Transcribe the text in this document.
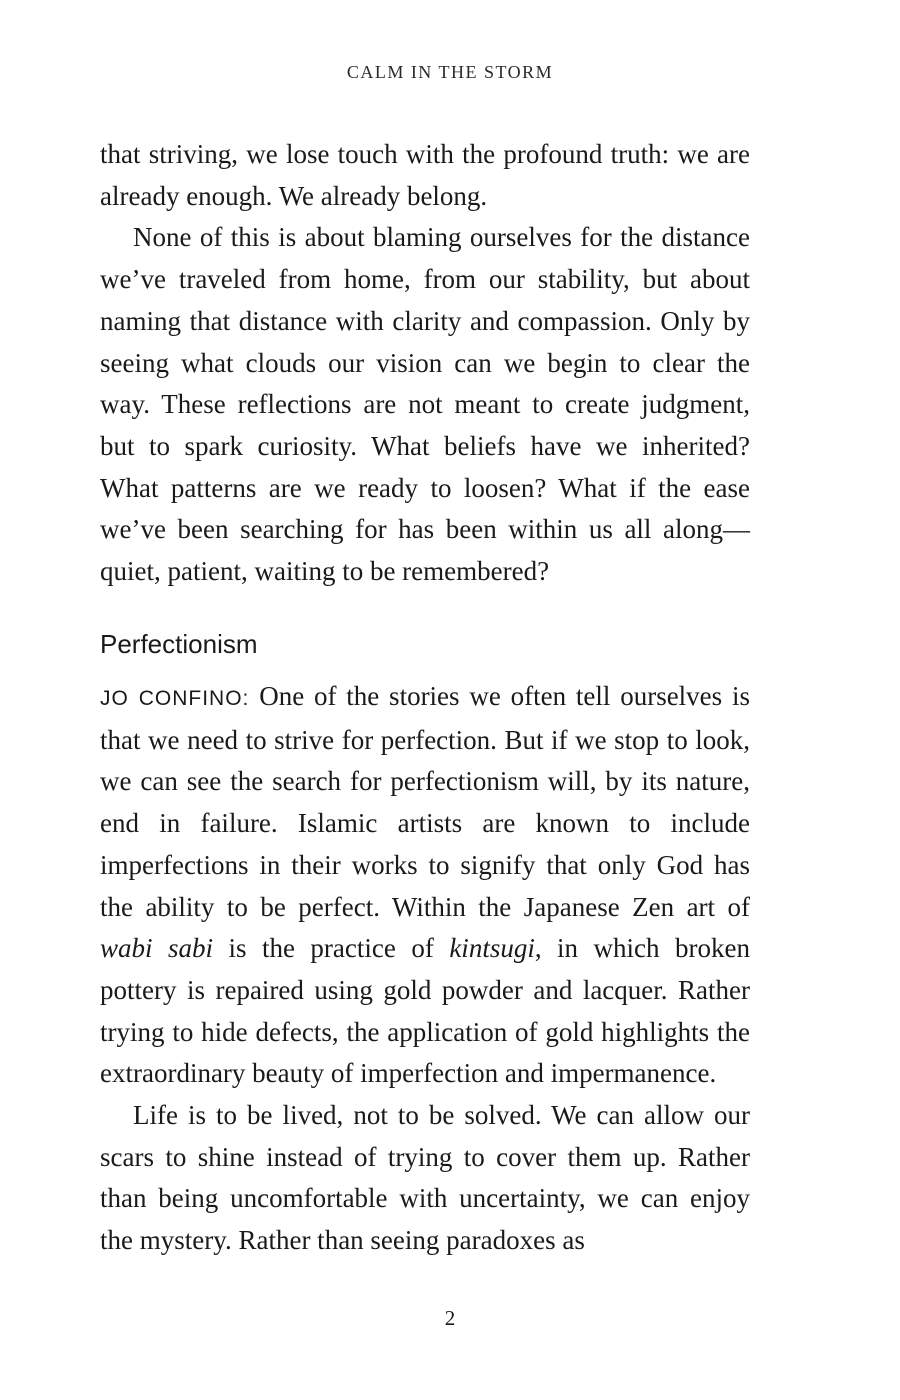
CALM IN THE STORM

that striving, we lose touch with the profound truth: we are already enough. We already belong.

None of this is about blaming ourselves for the distance we’ve traveled from home, from our stability, but about naming that distance with clarity and compassion. Only by seeing what clouds our vision can we begin to clear the way. These reflections are not meant to create judgment, but to spark curiosity. What beliefs have we inherited? What patterns are we ready to loosen? What if the ease we’ve been searching for has been within us all along—quiet, patient, waiting to be remembered?

Perfectionism

JO CONFINO: One of the stories we often tell ourselves is that we need to strive for perfection. But if we stop to look, we can see the search for perfectionism will, by its nature, end in failure. Islamic artists are known to include imperfections in their works to signify that only God has the ability to be perfect. Within the Japanese Zen art of wabi sabi is the practice of kintsugi, in which broken pottery is repaired using gold powder and lacquer. Rather trying to hide defects, the application of gold highlights the extraordinary beauty of imperfection and impermanence.

Life is to be lived, not to be solved. We can allow our scars to shine instead of trying to cover them up. Rather than being uncomfortable with uncertainty, we can enjoy the mystery. Rather than seeing paradoxes as

2
